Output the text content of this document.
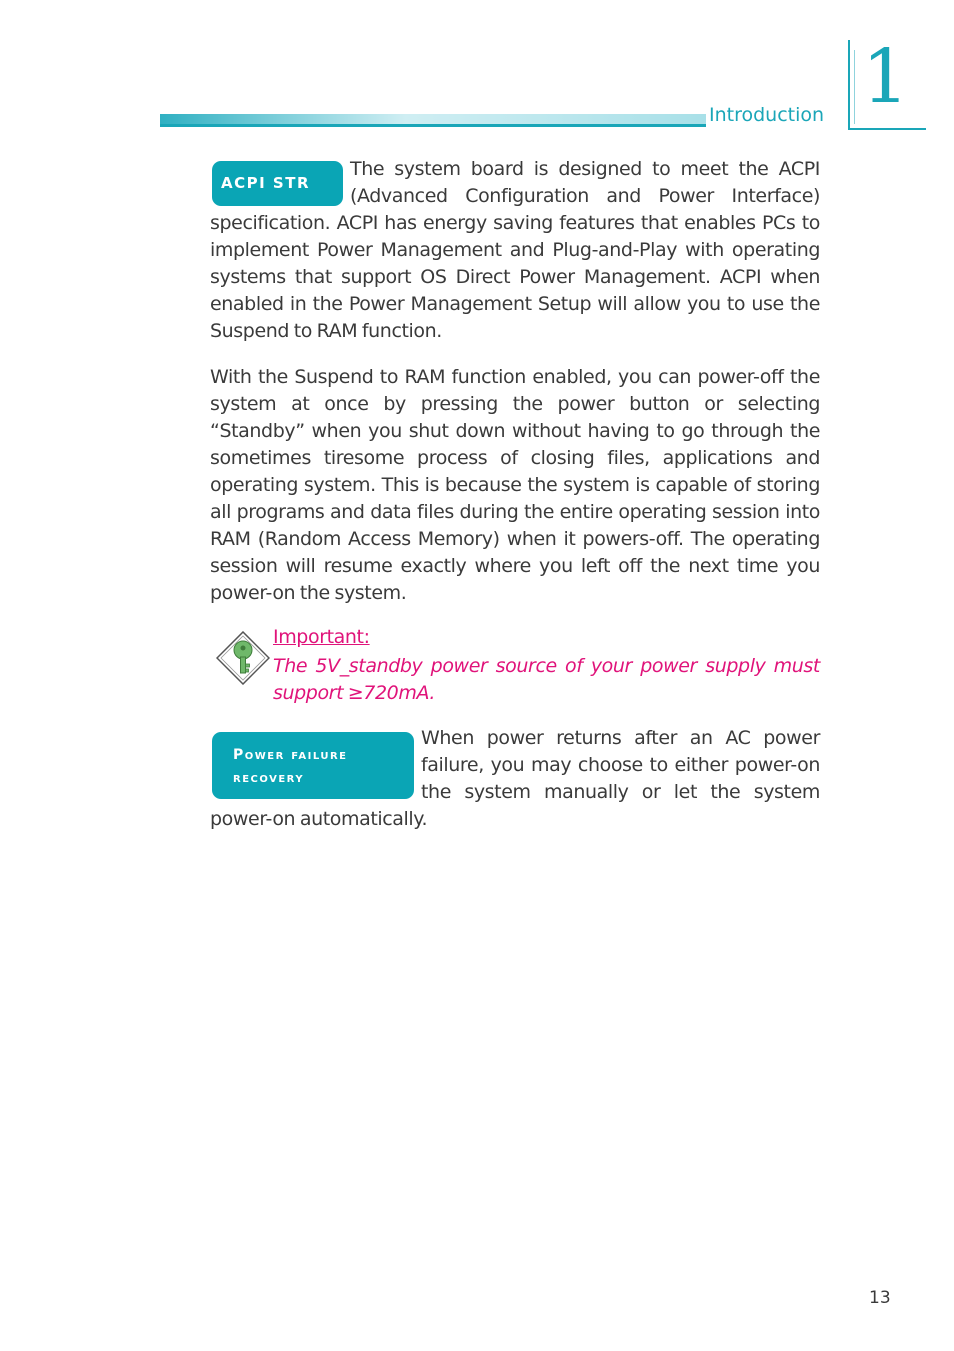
Introduction 1
ACPI STR
The system board is designed to meet the ACPI (Advanced Configuration and Power Interface) specification. ACPI has energy saving features that enables PCs to implement Power Management and Plug-and-Play with operating systems that support OS Direct Power Management. ACPI when enabled in the Power Management Setup will allow you to use the Suspend to RAM function.
With the Suspend to RAM function enabled, you can power-off the system at once by pressing the power button or selecting “Standby” when you shut down without having to go through the sometimes tiresome process of closing files, applications and operating system. This is because the system is capable of storing all programs and data files during the entire operating session into RAM (Random Access Memory) when it powers-off. The operating session will resume exactly where you left off the next time you power-on the system.
Important:
The 5V_standby power source of your power supply must support ≥720mA.
Power failure recovery
When power returns after an AC power failure, you may choose to either power-on the system manually or let the system power-on automatically.
13
